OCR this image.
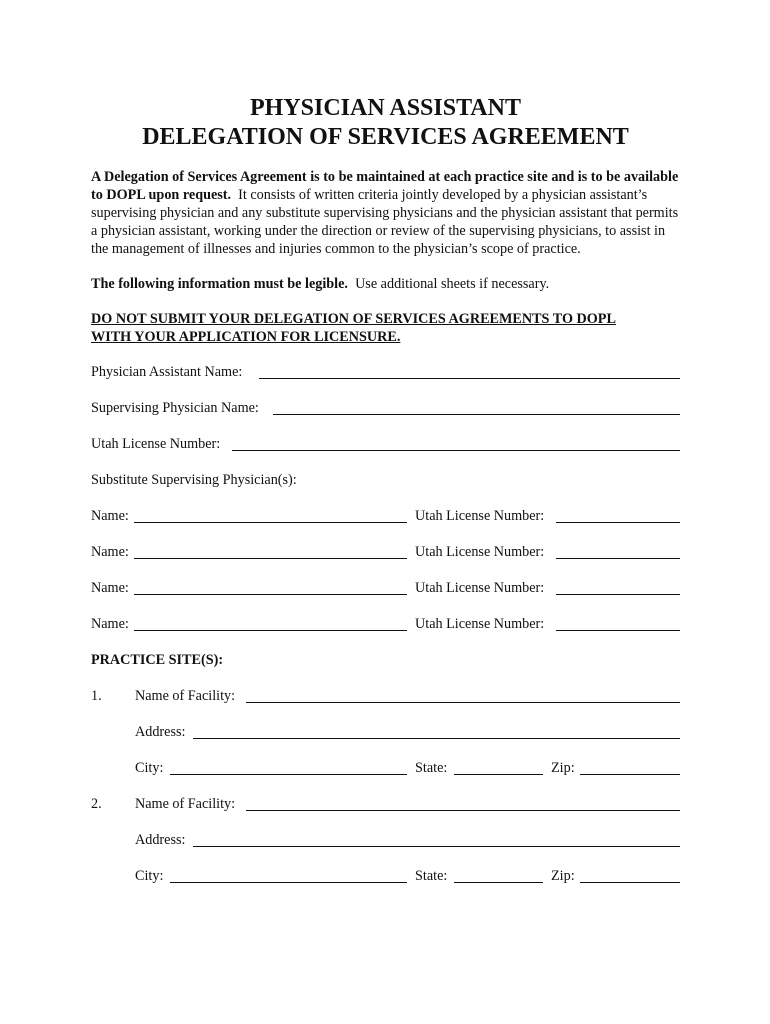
PHYSICIAN ASSISTANT
DELEGATION OF SERVICES AGREEMENT
A Delegation of Services Agreement is to be maintained at each practice site and is to be available to DOPL upon request. It consists of written criteria jointly developed by a physician assistant’s supervising physician and any substitute supervising physicians and the physician assistant that permits a physician assistant, working under the direction or review of the supervising physicians, to assist in the management of illnesses and injuries common to the physician’s scope of practice.
The following information must be legible. Use additional sheets if necessary.
DO NOT SUBMIT YOUR DELEGATION OF SERVICES AGREEMENTS TO DOPL
WITH YOUR APPLICATION FOR LICENSURE.
Physician Assistant Name:
Supervising Physician Name:
Utah License Number:
Substitute Supervising Physician(s):
Name:	Utah License Number:
Name:	Utah License Number:
Name:	Utah License Number:
Name:	Utah License Number:
PRACTICE SITE(S):
1. Name of Facility:
Address:
City:	State:	Zip:
2. Name of Facility:
Address:
City:	State:	Zip:
